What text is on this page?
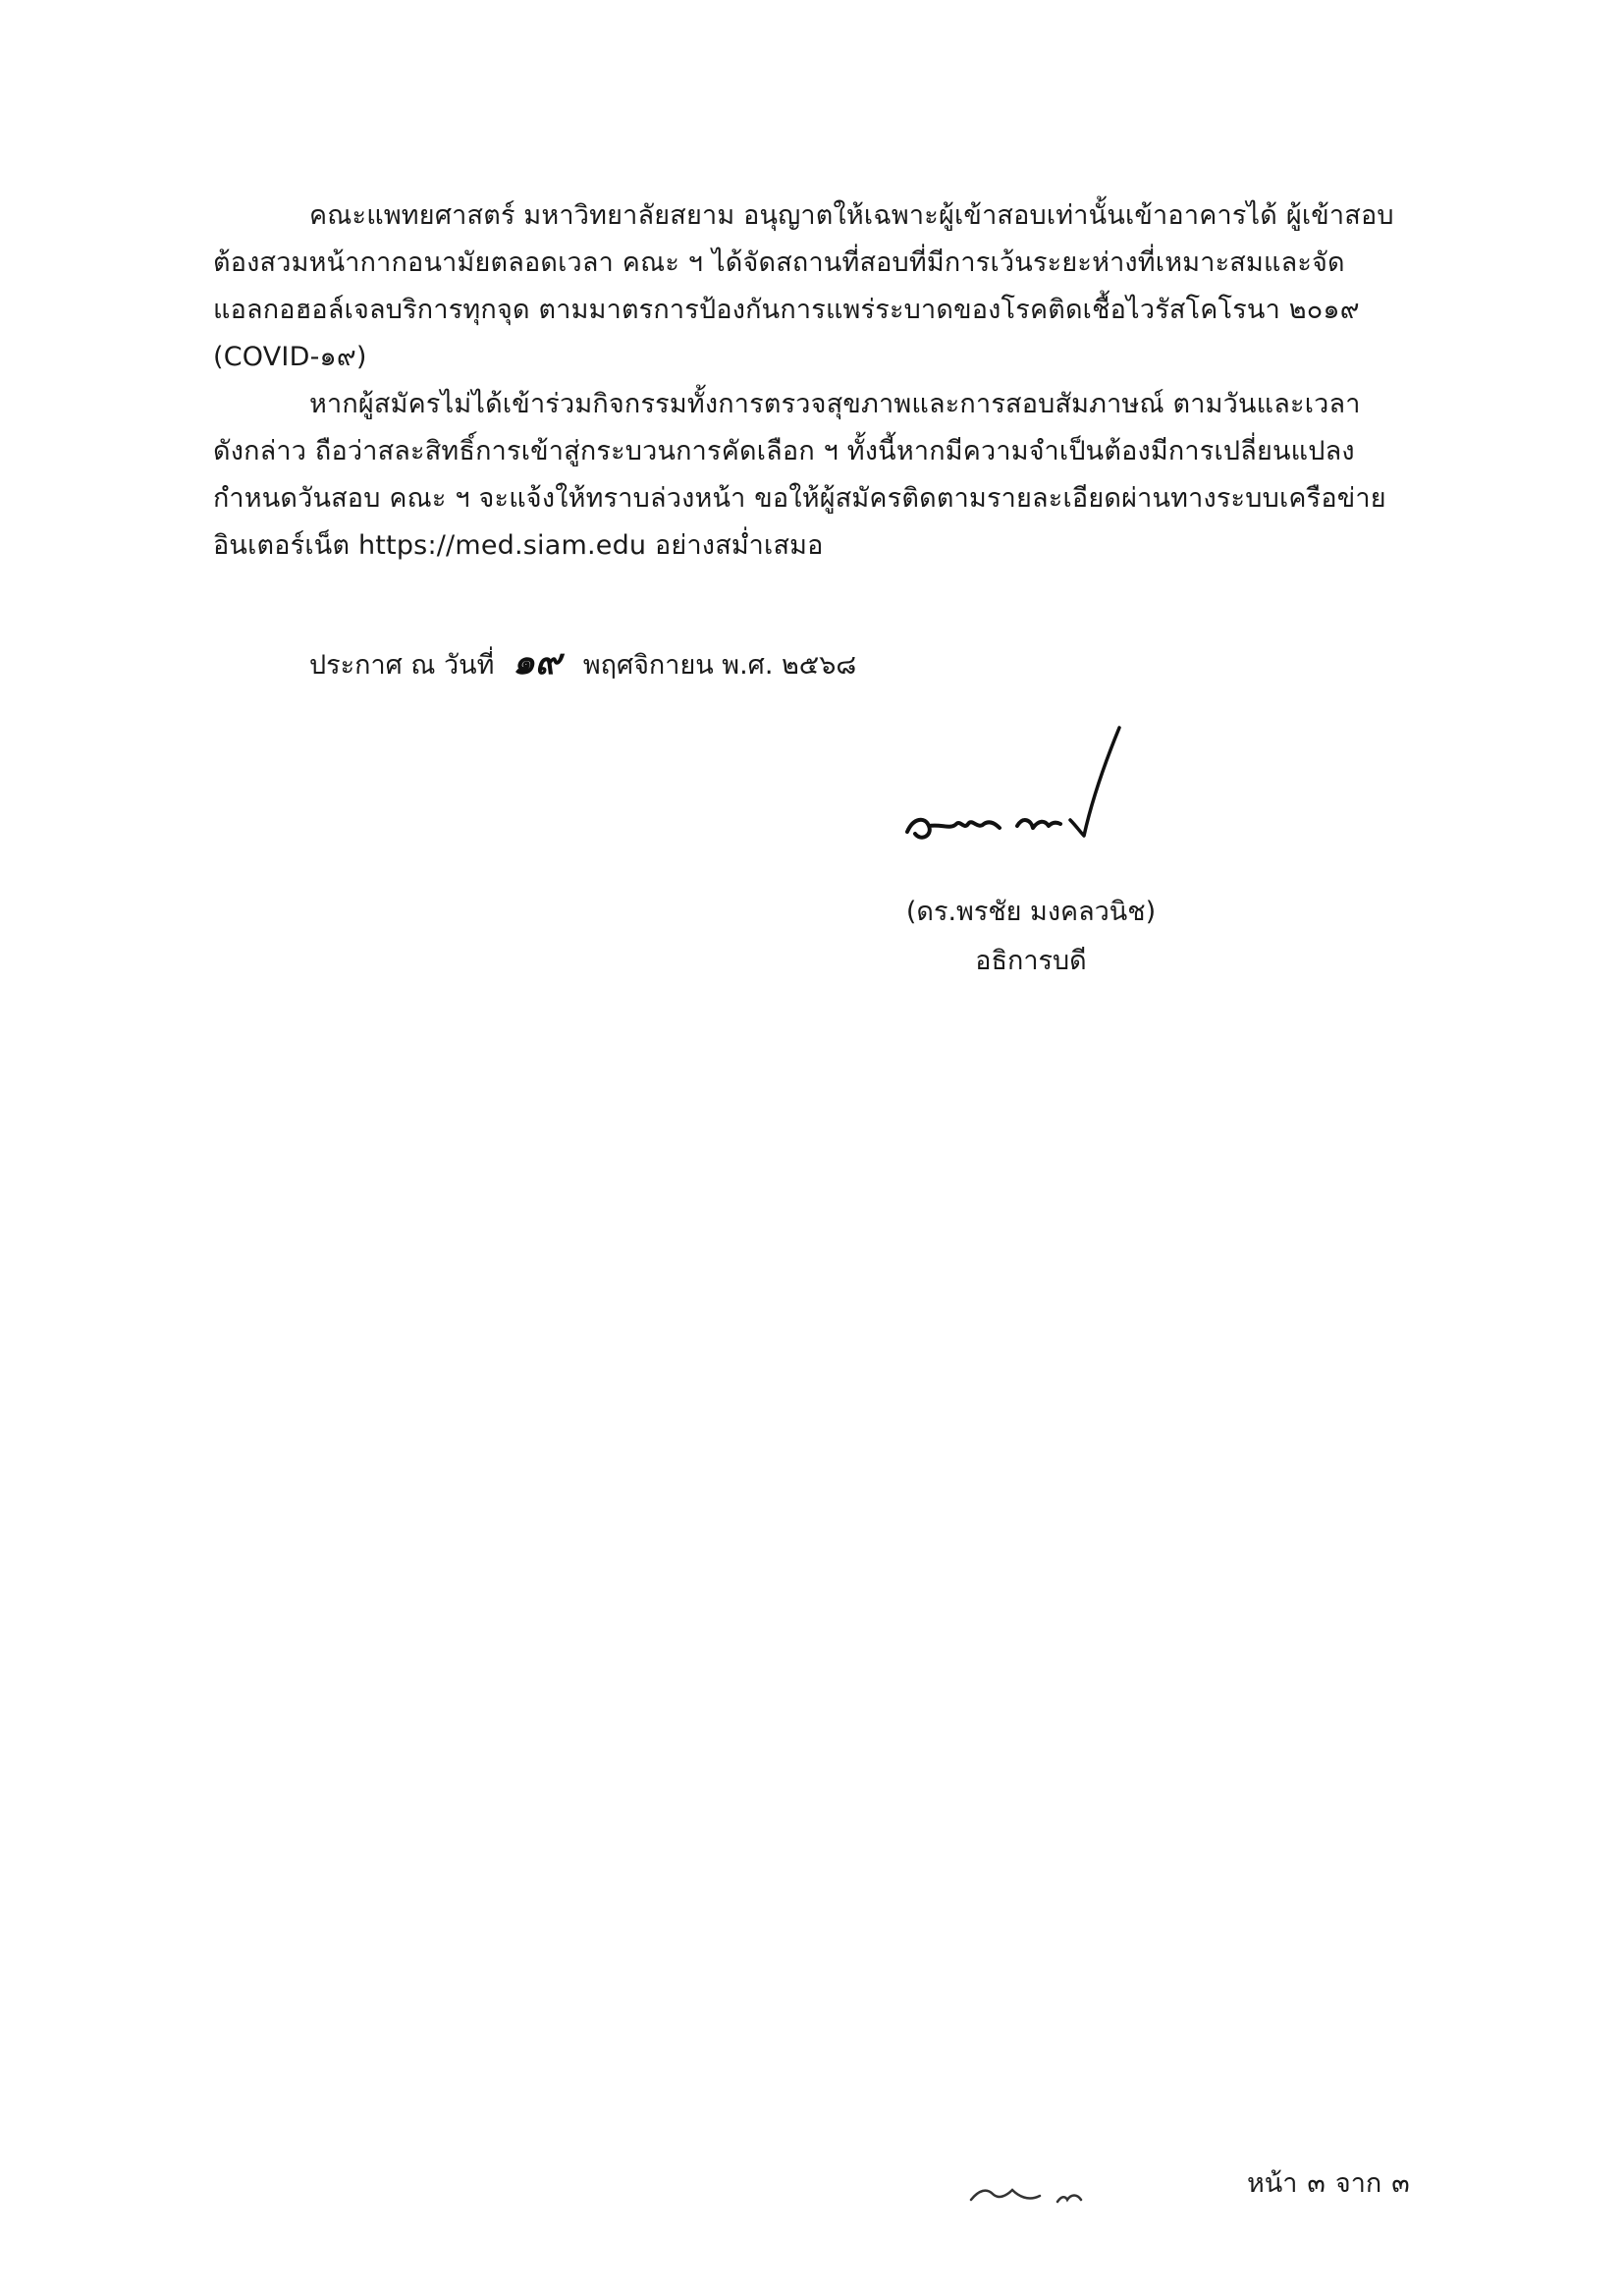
คณะแพทยศาสตร์ มหาวิทยาลัยสยาม อนุญาตให้เฉพาะผู้เข้าสอบเท่านั้นเข้าอาคารได้ ผู้เข้าสอบ
ต้องสวมหน้ากากอนามัยตลอดเวลา คณะ ฯ ได้จัดสถานที่สอบที่มีการเว้นระยะห่างที่เหมาะสมและจัด
แอลกอฮอล์เจลบริการทุกจุด ตามมาตรการป้องกันการแพร่ระบาดของโรคติดเชื้อไวรัสโคโรนา ๒๐๑๙
(COVID-๑๙)
หากผู้สมัครไม่ได้เข้าร่วมกิจกรรมทั้งการตรวจสุขภาพและการสอบสัมภาษณ์ ตามวันและเวลา
ดังกล่าว ถือว่าสละสิทธิ์การเข้าสู่กระบวนการคัดเลือก ฯ ทั้งนี้หากมีความจำเป็นต้องมีการเปลี่ยนแปลง
กำหนดวันสอบ คณะ ฯ จะแจ้งให้ทราบล่วงหน้า ขอให้ผู้สมัครติดตามรายละเอียดผ่านทางระบบเครือข่าย
อินเตอร์เน็ต https://med.siam.edu อย่างสม่ำเสมอ
ประกาศ ณ วันที่ ๑๙ พฤศจิกายน พ.ศ. ๒๕๖๘
(ดร.พรชัย มงคลวนิช)
อธิการบดี
หน้า ๓ จาก ๓
